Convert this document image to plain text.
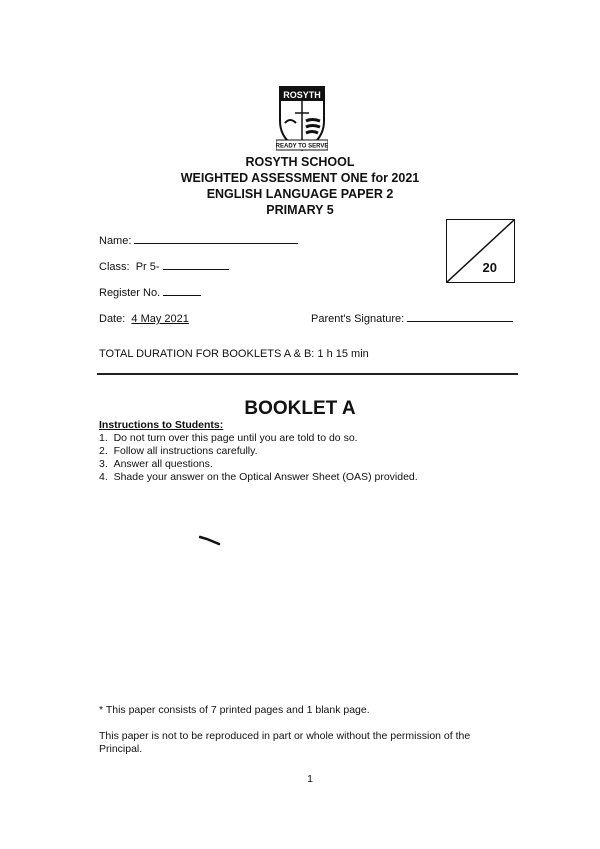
ROSYTH
READY TO SERVE
ROSYTH SCHOOL
WEIGHTED ASSESSMENT ONE for 2021
ENGLISH LANGUAGE PAPER 2
PRIMARY 5
Name:
Class: Pr 5-
Register No.
Date: 4 May 2021	Parent's Signature:
20
TOTAL DURATION FOR BOOKLETS A & B: 1 h 15 min
BOOKLET A
Instructions to Students:
1.  Do not turn over this page until you are told to do so.
2.  Follow all instructions carefully.
3.  Answer all questions.
4.  Shade your answer on the Optical Answer Sheet (OAS) provided.
* This paper consists of 7 printed pages and 1 blank page.
This paper is not to be reproduced in part or whole without the permission of the Principal.
1
